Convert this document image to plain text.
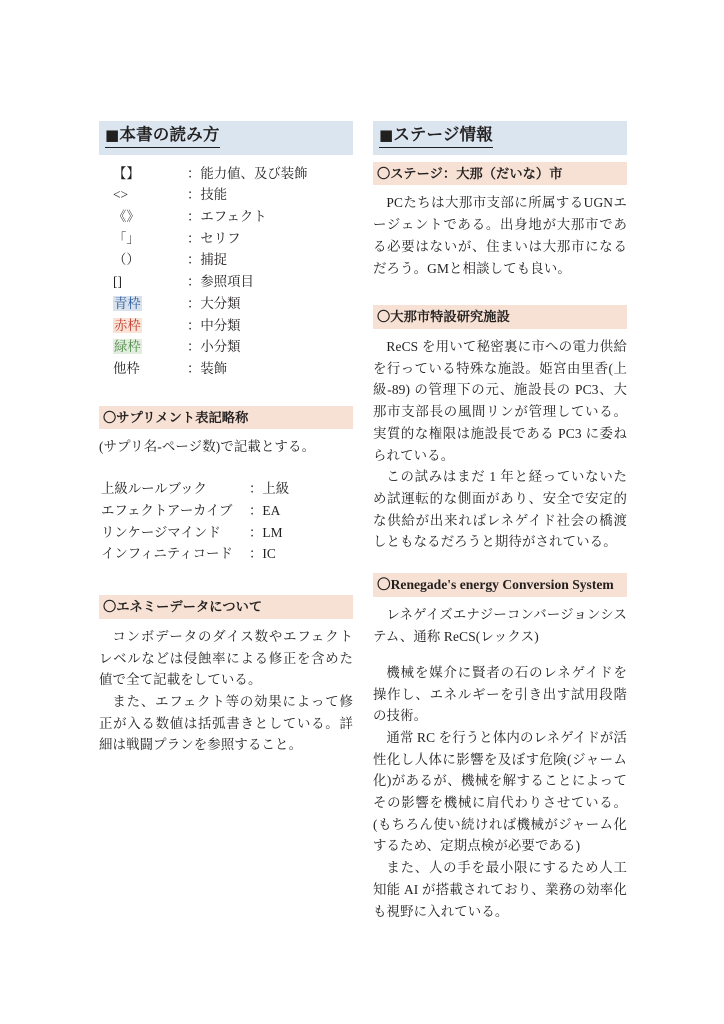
■本書の読み方
【】	：能力値、及び装飾
<>	：技能
《》	：エフェクト
「」	：セリフ
（）	：捕捉
[]	：参照項目
青枠	：大分類
赤枠	：中分類
緑枠	：小分類
他枠	：装飾
〇サプリメント表記略称

(サプリ名-ページ数)で記載とする。

上級ルールブック	：上級
エフェクトアーカイブ	：EA
リンケージマインド	：LM
インフィニティコード	：IC
〇エネミーデータについて

コンボデータのダイス数やエフェクトレベルなどは侵蝕率による修正を含めた値で全て記載をしている。

また、エフェクト等の効果によって修正が入る数値は括弧書きとしている。詳細は戦闘プランを参照すること。

■ステージ情報
〇ステージ：大那（だいな）市

PCたちは大那市支部に所属するUGNエージェントである。出身地が大那市である必要はないが、住まいは大那市になるだろう。GMと相談しても良い。

〇大那市特設研究施設

ReCS を用いて秘密裏に市への電力供給を行っている特殊な施設。姫宮由里香(上級-89) の管理下の元、施設長の PC3、大那市支部長の風間リンが管理している。実質的な権限は施設長である PC3 に委ねられている。

この試みはまだ 1 年と経っていないため試運転的な側面があり、安全で安定的な供給が出来ればレネゲイド社会の橋渡しともなるだろうと期待がされている。

〇Renegade's energy Conversion System

レネゲイズエナジーコンバージョンシステム、通称 ReCS(レックス)

機械を媒介に賢者の石のレネゲイドを操作し、エネルギーを引き出す試用段階の技術。

通常 RC を行うと体内のレネゲイドが活性化し人体に影響を及ぼす危険(ジャーム化)があるが、機械を解することによってその影響を機械に肩代わりさせている。(もちろん使い続ければ機械がジャーム化するため、定期点検が必要である)

また、人の手を最小限にするため人工知能 AI が搭載されており、業務の効率化も視野に入れている。
